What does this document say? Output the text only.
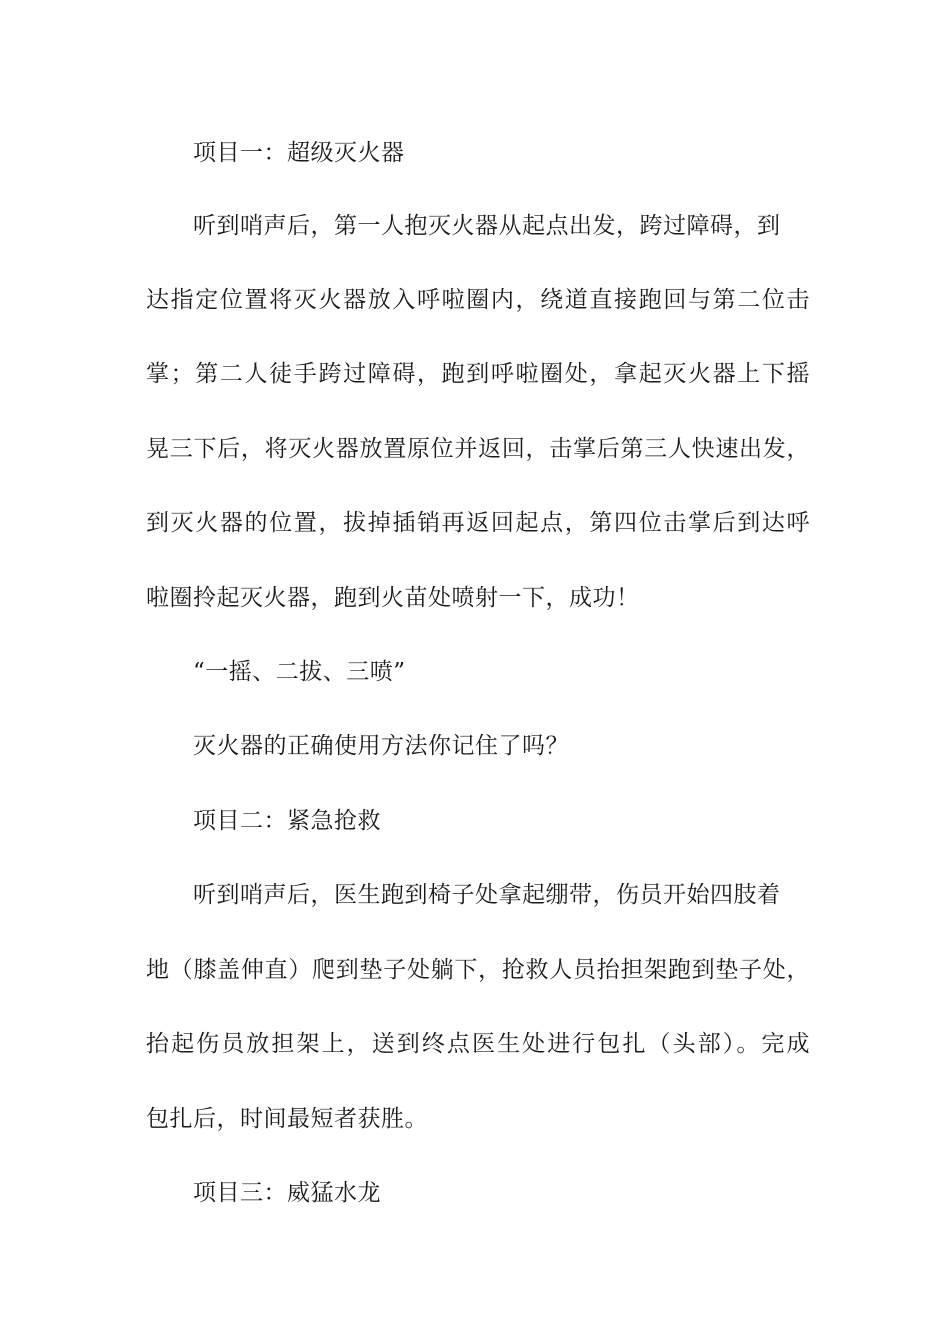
项目一：超级灭火器
听到哨声后，第一人抱灭火器从起点出发，跨过障碍，到
达指定位置将灭火器放入呼啦圈内，绕道直接跑回与第二位击
掌；第二人徒手跨过障碍，跑到呼啦圈处，拿起灭火器上下摇
晃三下后，将灭火器放置原位并返回，击掌后第三人快速出发，
到灭火器的位置，拔掉插销再返回起点，第四位击掌后到达呼
啦圈拎起灭火器，跑到火苗处喷射一下，成功！
“一摇、二拔、三喷”
灭火器的正确使用方法你记住了吗？
项目二：紧急抢救
听到哨声后，医生跑到椅子处拿起绷带，伤员开始四肢着
地（膝盖伸直）爬到垫子处躺下，抢救人员抬担架跑到垫子处，
抬起伤员放担架上，送到终点医生处进行包扎（头部）。完成
包扎后，时间最短者获胜。
项目三：威猛水龙
